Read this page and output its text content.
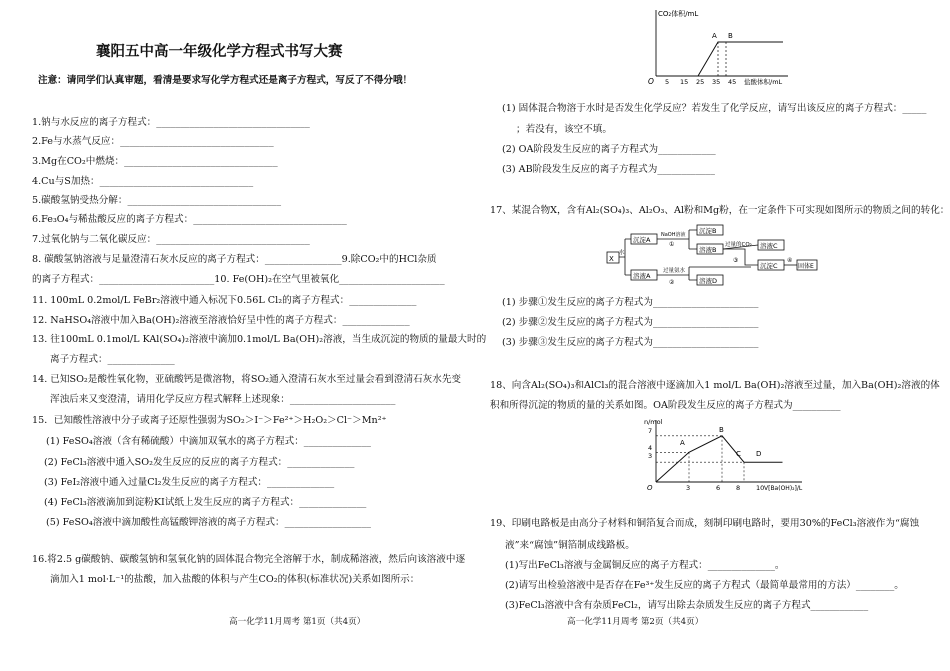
襄阳五中高一年级化学方程式书写大赛
注意：请同学们认真审题，看清是要求写化学方程式还是离子方程式，写反了不得分哦！
1.钠与水反应的离子方程式：________________________________
2.Fe与水蒸气反应：________________________________
3.Mg在CO₂中燃烧：________________________________
4.Cu与S加热：________________________________
5.碳酸氢钠受热分解：________________________________
6.Fe₃O₄与稀盐酸反应的离子方程式：________________________________
7.过氧化钠与二氧化碳反应：________________________________
8. 碳酸氢钠溶液与足量澄清石灰水反应的离子方程式：________________9.除CO₂中的HCl杂质
的离子方程式：________________________10. Fe(OH)₂在空气里被氧化______________________
11. 100mL 0.2mol/L FeBr₂溶液中通入标况下0.56L Cl₂的离子方程式：______________
12. NaHSO₄溶液中加入Ba(OH)₂溶液至溶液恰好呈中性的离子方程式：______________
13. 往100mL 0.1mol/L KAl(SO₄)₂溶液中滴加0.1mol/L Ba(OH)₂溶液，当生成沉淀的物质的量最大时的
离子方程式：______________
14. 已知SO₂是酸性氧化物，亚硫酸钙是微溶物，将SO₂通入澄清石灰水至过量会看到澄清石灰水先变
浑浊后来又变澄清，请用化学反应方程式解释上述现象：______________________
15．已知酸性溶液中分子或离子还原性强弱为SO₂＞I⁻＞Fe²⁺＞H₂O₂＞Cl⁻＞Mn²⁺
(1) FeSO₄溶液（含有稀硫酸）中滴加双氧水的离子方程式：______________
(2) FeCl₃溶液中通入SO₂发生反应的反应的离子方程式：______________
(3) FeI₂溶液中通入过量Cl₂发生反应的离子方程式：______________
(4) FeCl₃溶液滴加到淀粉KI试纸上发生反应的离子方程式：______________
(5) FeSO₄溶液中滴加酸性高锰酸钾溶液的离子方程式：__________________
16.将2.5 g碳酸钠、碳酸氢钠和氢氧化钠的固体混合物完全溶解于水，制成稀溶液，然后向该溶液中逐
滴加入1 mol·L⁻¹的盐酸，加入盐酸的体积与产生CO₂的体积(标准状况)关系如图所示：
(1) 固体混合物溶于水时是否发生化学反应？若发生了化学反应，请写出该反应的离子方程式：_____
；若没有，该空不填。
(2) OA阶段发生反应的离子方程式为____________
(3) AB阶段发生反应的离子方程式为____________
17、某混合物X，含有Al₂(SO₄)₃、Al₂O₃、Al粉和Mg粉，在一定条件下可实现如图所示的物质之间的转化：
(1) 步骤①发生反应的离子方程式为______________________
(2) 步骤②发生反应的离子方程式为______________________
(3) 步骤③发生反应的离子方程式为______________________
18、向含Al₂(SO₄)₃和AlCl₃的混合溶液中逐滴加入1 mol/L Ba(OH)₂溶液至过量，加入Ba(OH)₂溶液的体
积和所得沉淀的物质的量的关系如图。OA阶段发生反应的离子方程式为__________
19、印刷电路板是由高分子材料和铜箔复合而成，刻制印刷电路时，要用30%的FeCl₃溶液作为“腐蚀
液”来“腐蚀”铜箔制成线路板。
(1)写出FeCl₃溶液与金属铜反应的离子方程式：______________。
(2)请写出检验溶液中是否存在Fe³⁺发生反应的离子方程式（最简单最常用的方法）________。
(3)FeCl₃溶液中含有杂质FeCl₂，请写出除去杂质发生反应的离子方程式____________
高一化学11月周考 第1页（共4页）	高一化学11月周考 第2页（共4页）
CO₂体积/mL
O 5 15 25 35 45 盐酸体积/mL
A B
X
水
沉淀A
溶液A
沉淀B
溶液B
溶液D
溶液C
沉淀C	固体E
NaOH溶液
①
过量氨水
②
过量的CO₂
③	④
n/mol
O
7
4
3
3	6 8 10 V[Ba(OH)₂]/L
A
B
C D
